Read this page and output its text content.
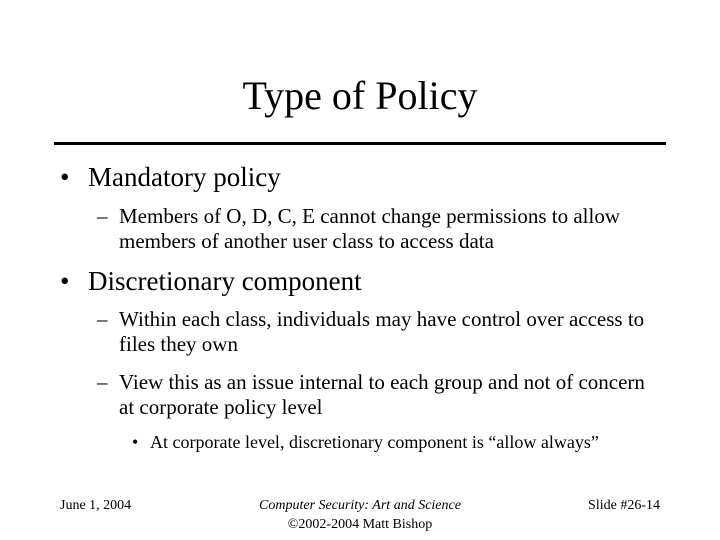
Type of Policy
• Mandatory policy
– Members of O, D, C, E cannot change permissions to allow members of another user class to access data
• Discretionary component
– Within each class, individuals may have control over access to files they own
– View this as an issue internal to each group and not of concern at corporate policy level
• At corporate level, discretionary component is “allow always”
June 1, 2004	Computer Security: Art and Science
©2002-2004 Matt Bishop
Slide #26-14
